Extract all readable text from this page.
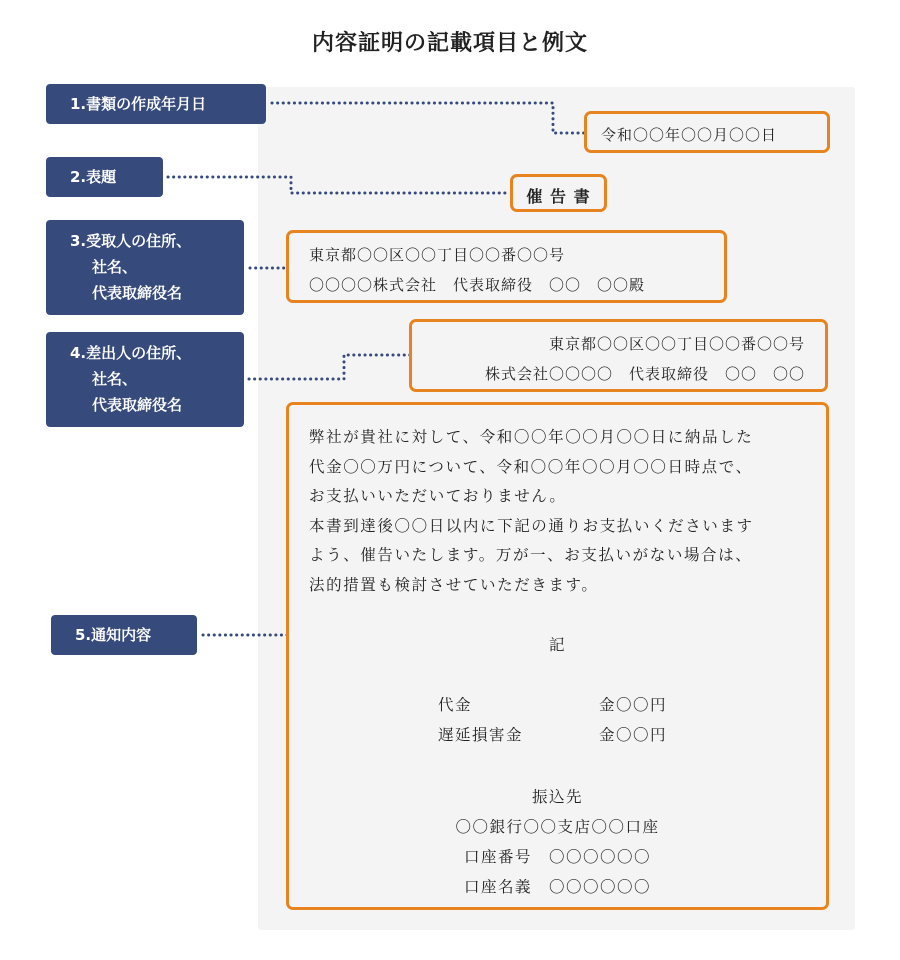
内容証明の記載項目と例文
1.書類の作成年月日
2.表題
3.受取人の住所、
社名、
代表取締役名
4.差出人の住所、
社名、
代表取締役名
5.通知内容
令和〇〇年〇〇月〇〇日
催 告 書
東京都〇〇区〇〇丁目〇〇番〇〇号
〇〇〇〇株式会社　代表取締役　〇〇　〇〇殿
東京都〇〇区〇〇丁目〇〇番〇〇号
株式会社〇〇〇〇　代表取締役　〇〇　〇〇
弊社が貴社に対して、令和〇〇年〇〇月〇〇日に納品した
代金〇〇万円について、令和〇〇年〇〇月〇〇日時点で、
お支払いいただいておりません。
本書到達後〇〇日以内に下記の通りお支払いくださいます
よう、催告いたします。万が一、お支払いがない場合は、
法的措置も検討させていただきます。
記
代金	金〇〇円
遅延損害金	金〇〇円
振込先
〇〇銀行〇〇支店〇〇口座
口座番号　〇〇〇〇〇〇
口座名義　〇〇〇〇〇〇
